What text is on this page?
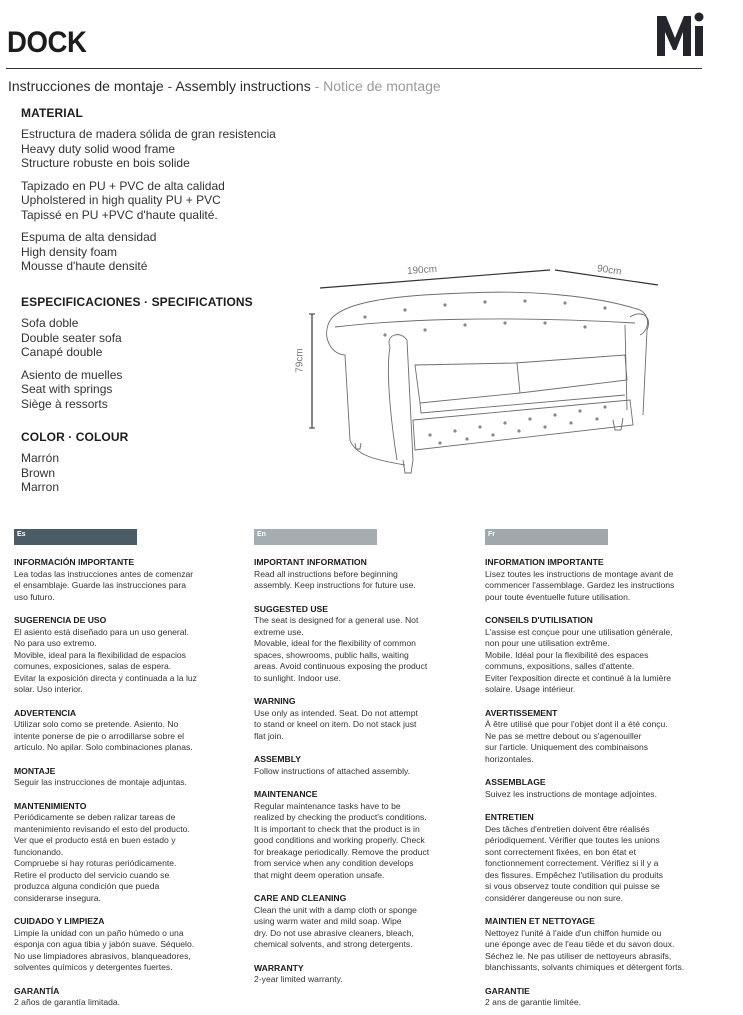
DOCK
Instrucciones de montaje - Assembly instructions - Notice de montage
MATERIAL
Estructura de madera sólida de gran resistencia
Heavy duty solid wood frame
Structure robuste en bois solide
Tapizado en PU + PVC de alta calidad
Upholstered in high quality PU + PVC
Tapissé en PU +PVC d'haute qualité.
Espuma de alta densidad
High density foam
Mousse d'haute densité
ESPECIFICACIONES · SPECIFICATIONS
Sofa doble
Double seater sofa
Canapé double
Asiento de muelles
Seat with springs
Siège à ressorts
COLOR · COLOUR
Marrón
Brown
Marron
190cm	90cm
79cm
Es
INFORMACIÓN IMPORTANTE

Lea todas las instrucciones antes de comenzar
el ensamblaje. Guarde las instrucciones para
uso futuro.

SUGERENCIA DE USO

El asiento está diseñado para un uso general.
No para uso extremo.
Movible, ideal para la flexibilidad de espacios
comunes, exposiciones, salas de espera.
Evitar la exposición directa y continuada a la luz
solar. Uso interior.

ADVERTENCIA

Utilizar solo como se pretende. Asiento. No
intente ponerse de pie o arrodillarse sobre el
artículo. No apilar. Solo combinaciones planas.

MONTAJE

Seguir las instrucciones de montaje adjuntas.

MANTENIMIENTO

Periódicamente se deben ralizar tareas de
mantenimiento revisando el esto del producto.
Ver que el producto está en buen estado y
funcionando.
Compruebe si hay roturas periódicamente.
Retire el producto del servicio cuando se
produzca alguna condición que pueda
considerarse insegura.

CUIDADO Y LIMPIEZA

Limpie la unidad con un paño húmedo o una
esponja con agua tibia y jabón suave. Séquelo.
No use limpiadores abrasivos, blanqueadores,
solventes químicos y detergentes fuertes.

GARANTÍA

2 años de garantía limitada.

En
IMPORTANT INFORMATION

Read all instructions before beginning
assembly. Keep instructions for future use.

SUGGESTED USE

The seat is designed for a general use. Not
extreme use.
Movable, ideal for the flexibility of common
spaces, showrooms, public halls, waiting
areas. Avoid continuous exposing the product
to sunlight. Indoor use.

WARNING

Use only as intended. Seat. Do not attempt
to stand or kneel on item. Do not stack just
flat join.

ASSEMBLY

Follow instructions of attached assembly.

MAINTENANCE

Regular maintenance tasks have to be
realized by checking the product's conditions.
It is important to check that the product is in
good conditions and working properly. Check
for breakage periodically. Remove the product
from service when any condition develops
that might deem operation unsafe.

CARE AND CLEANING

Clean the unit with a damp cloth or sponge
using warm water and mild soap. Wipe
dry. Do not use abrasive cleaners, bleach,
chemical solvents, and strong detergents.

WARRANTY

2-year limited warranty.

Fr
INFORMATION IMPORTANTE

Lisez toutes les instructions de montage avant de
commencer l'assemblage. Gardez les instructions
pour toute éventuelle future utilisation.

CONSEILS D'UTILISATION

L'assise est conçue pour une utilisation générale,
non pour une utilisation extrême.
Mobile. Idéal pour la flexibilité des espaces
communs, expositions, salles d'attente.
Eviter l'exposition directe et continué à la lumière
solaire. Usage intérieur.

AVERTISSEMENT

À être utilisé que pour l'objet dont il a été conçu.
Ne pas se mettre debout ou s'agenouiller
sur l'article. Uniquement des combinaisons
horizontales.

ASSEMBLAGE

Suivez les instructions de montage adjointes.

ENTRETIEN

Des tâches d'entretien doivent être réalisés
périodiquement. Vérifier que toutes les unions
sont correctement fixées, en bon état et
fonctionnement correctement. Vérifiez si il y a
des fissures. Empêchez l'utilisation du produits
si vous observez toute condition qui puisse se
considérer dangereuse ou non sure.

MAINTIEN ET NETTOYAGE

Nettoyez l'unité à l'aide d'un chiffon humide ou
une éponge avec de l'eau tiède et du savon doux.
Séchez le. Ne pas utiliser de nettoyeurs abrasifs,
blanchissants, solvants chimiques et détergent forts.

GARANTIE

2 ans de garantie limitée.
